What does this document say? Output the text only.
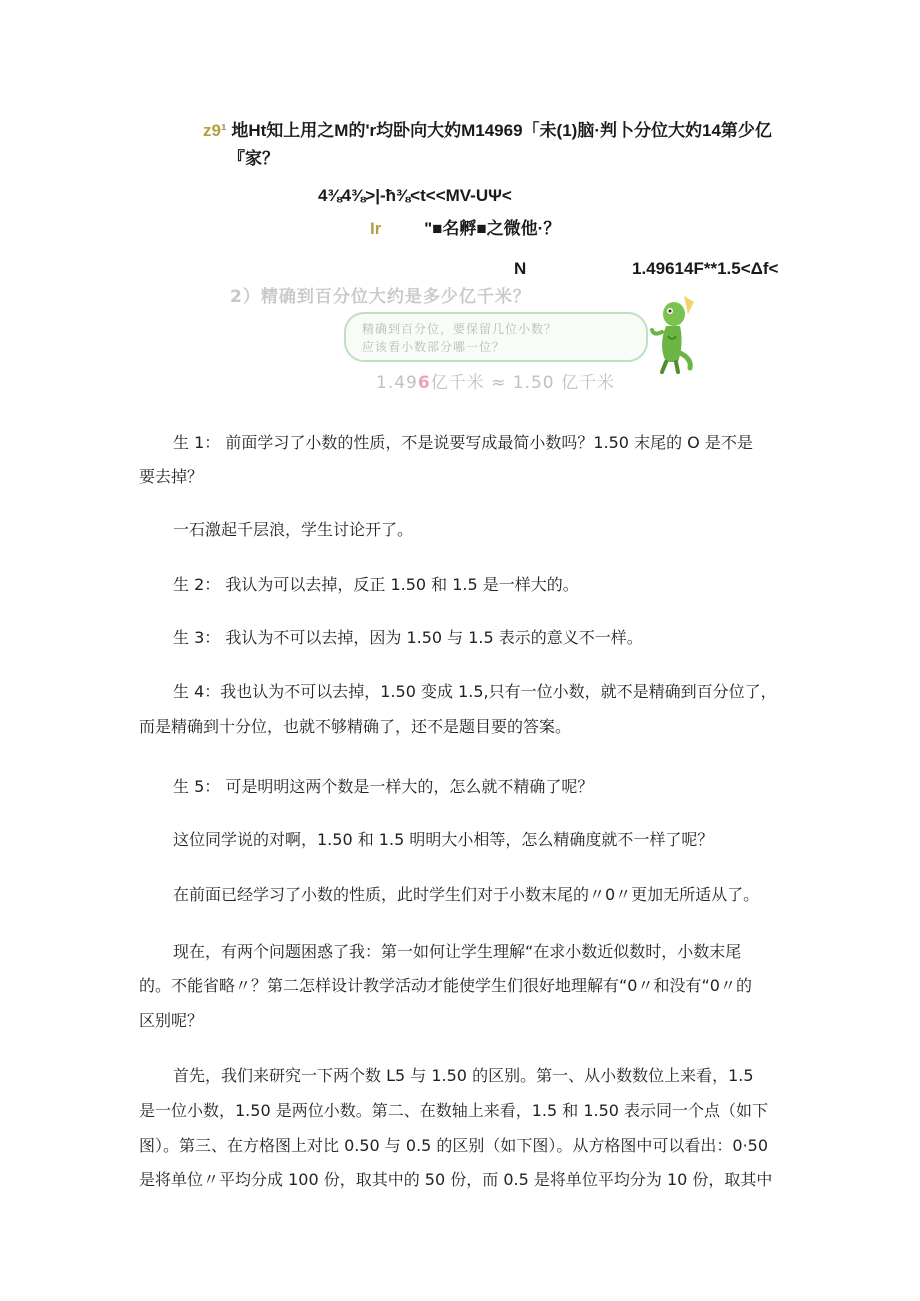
z9¹ 地Ht知上用之M的'r均卧向大妁M14969「未(1)脑·判卜分位大妁14第少亿
『家？
4⅜4⅜>|-ħ⅜<t<<MV-UΨ<
Ir	"■名孵■之微他·？
N	1.49614F**1.5<Δf<
2）精确到百分位大约是多少亿千米？
精确到百分位，要保留几位小数？
应该看小数部分哪一位？
1.496亿千米 ≈ 1.50 亿千米
生 1： 前面学习了小数的性质，不是说要写成最简小数吗？1.50 末尾的 O 是不是
要去掉？
一石激起千层浪，学生讨论开了。
生 2： 我认为可以去掉，反正 1.50 和 1.5 是一样大的。
生 3： 我认为不可以去掉，因为 1.50 与 1.5 表示的意义不一样。
生 4：我也认为不可以去掉，1.50 变成 1.5,只有一位小数，就不是精确到百分位了，
而是精确到十分位，也就不够精确了，还不是题目要的答案。
生 5： 可是明明这两个数是一样大的，怎么就不精确了呢？
这位同学说的对啊，1.50 和 1.5 明明大小相等，怎么精确度就不一样了呢？
在前面已经学习了小数的性质，此时学生们对于小数末尾的〃0〃更加无所适从了。
现在，有两个问题困惑了我：第一如何让学生理解“在求小数近似数时，小数末尾
的。不能省略〃？第二怎样设计教学活动才能使学生们很好地理解有“0〃和没有“0〃的
区别呢？
首先，我们来研究一下两个数 L5 与 1.50 的区别。第一、从小数数位上来看，1.5
是一位小数，1.50 是两位小数。第二、在数轴上来看，1.5 和 1.50 表示同一个点（如下
图）。第三、在方格图上对比 0.50 与 0.5 的区别（如下图）。从方格图中可以看出：0·50
是将单位〃平均分成 100 份，取其中的 50 份，而 0.5 是将单位平均分为 10 份，取其中
